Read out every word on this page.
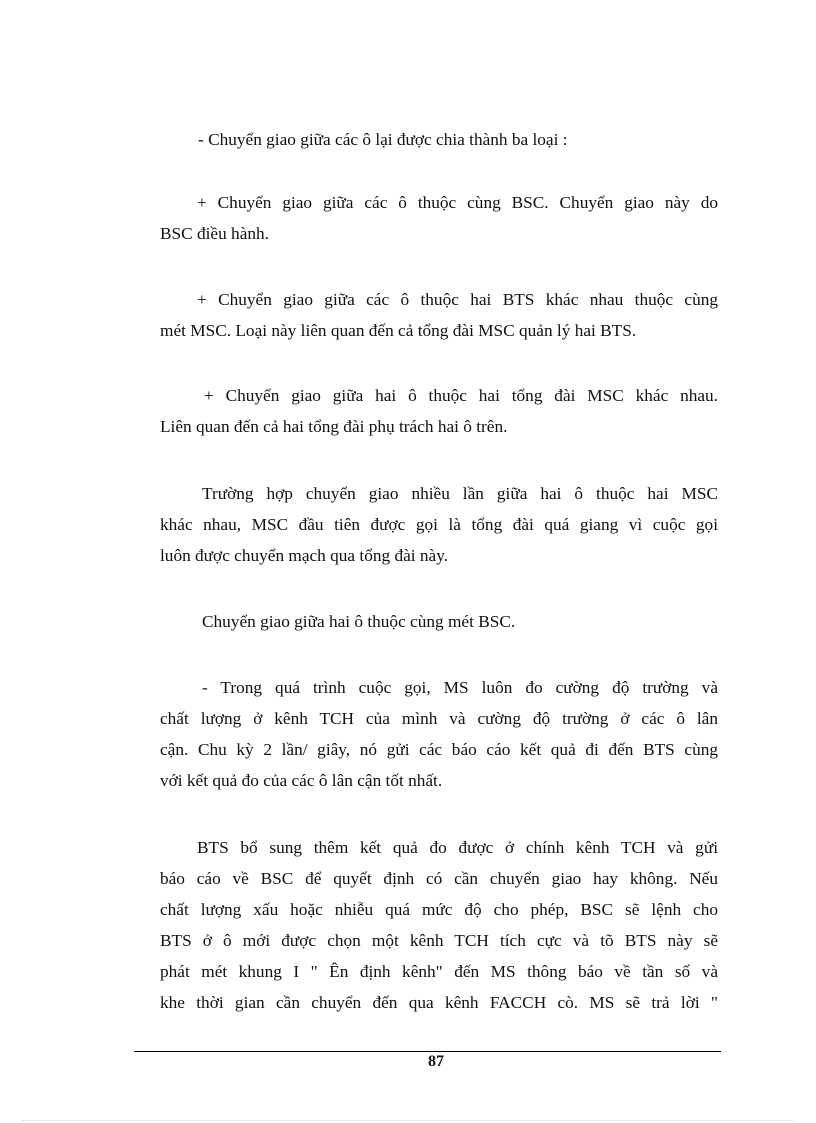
- Chuyển giao giữa các ô lại được chia thành ba loại :
+ Chuyển giao giữa các ô thuộc cùng BSC. Chuyển giao này do
BSC điều hành.
+ Chuyển giao giữa các ô thuộc hai BTS khác nhau thuộc cùng
mét MSC. Loại này liên quan đến cả tổng đài MSC quản lý hai BTS.
+ Chuyển giao giữa hai ô thuộc hai tổng đài MSC khác nhau.
Liên quan đến cả hai tổng đài phụ trách hai ô trên.
Trường hợp chuyển giao nhiều lần giữa hai ô thuộc hai MSC
khác nhau, MSC đầu tiên được gọi là tổng đài quá giang vì cuộc gọi
luôn được chuyển mạch qua tổng đài này.
Chuyển giao giữa hai ô thuộc cùng mét BSC.
- Trong quá trình cuộc gọi, MS luôn đo cường độ trường và
chất lượng ở kênh TCH của mình và cường độ trường ở các ô lân
cận. Chu kỳ 2 lần/ giây, nó gửi các báo cáo kết quả đi đến BTS cùng
với kết quả đo của các ô lân cận tốt nhất.
BTS bổ sung thêm kết quả đo được ở chính kênh TCH và gửi
báo cáo về BSC để quyết định có cần chuyển giao hay không. Nếu
chất lượng xấu hoặc nhiễu quá mức độ cho phép, BSC sẽ lệnh cho
BTS ở ô mới được chọn một kênh TCH tích cực và tõ BTS này sẽ
phát mét khung I " Ên định kênh" đến MS thông báo về tần số và
khe thời gian cần chuyển đến qua kênh FACCH cò. MS sẽ trả lời "
87
